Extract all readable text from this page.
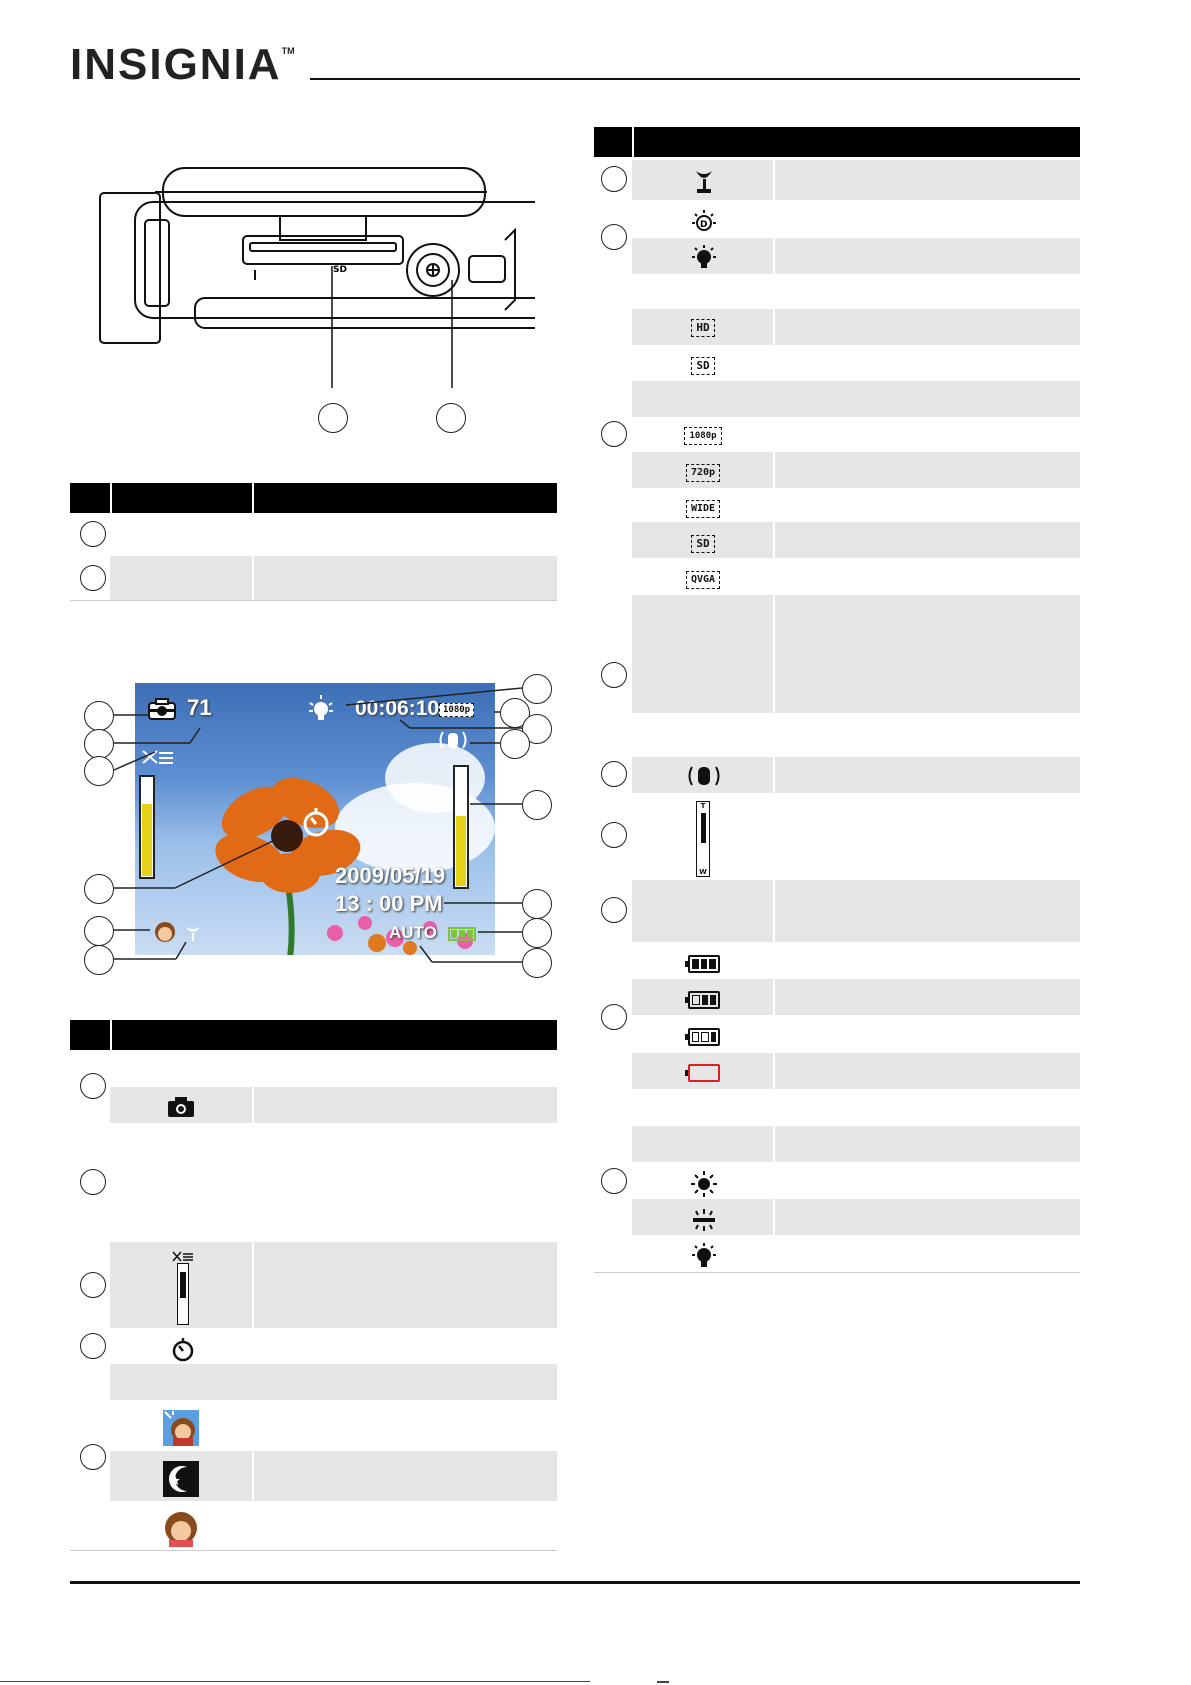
INSIGNIA™
SD
71	00:06:10 1080p
2009/05/19
13 : 00 PM
AUTO
D
HD
SD
1080p
720p
WIDE
SD
QVGA
T
W
